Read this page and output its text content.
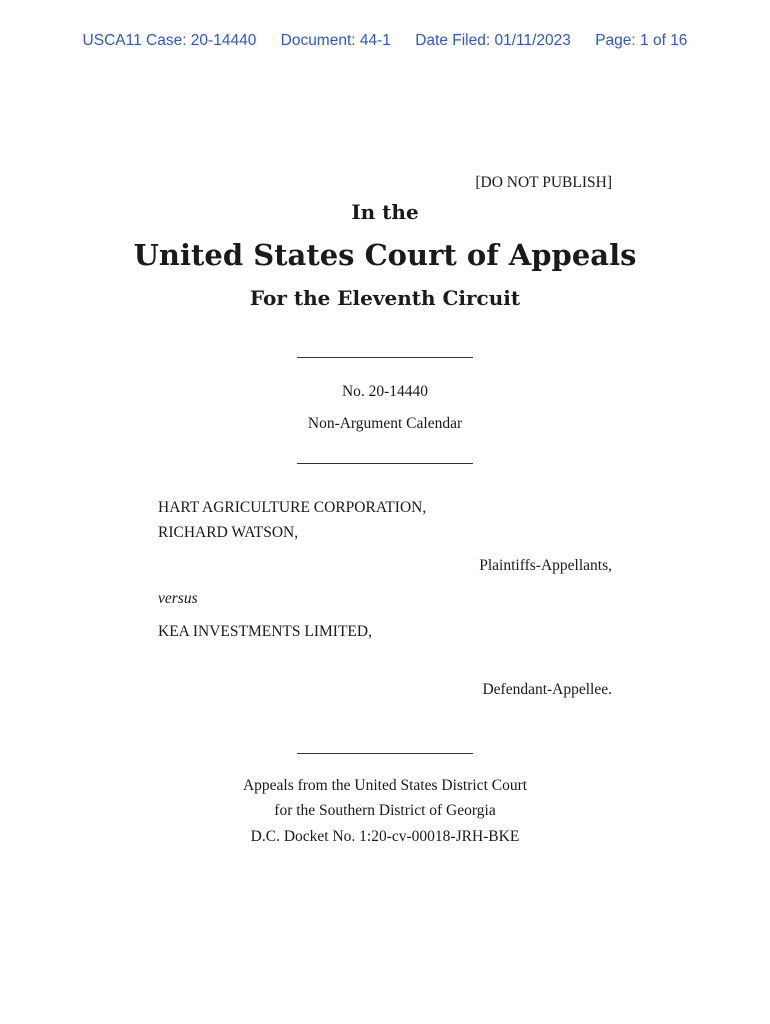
USCA11 Case: 20-14440 Document: 44-1 Date Filed: 01/11/2023 Page: 1 of 16
[DO NOT PUBLISH]
In the
United States Court of Appeals
For the Eleventh Circuit
No. 20-14440
Non-Argument Calendar
HART AGRICULTURE CORPORATION,
RICHARD WATSON,
Plaintiffs-Appellants,
versus
KEA INVESTMENTS LIMITED,
Defendant-Appellee.
Appeals from the United States District Court
for the Southern District of Georgia
D.C. Docket No. 1:20-cv-00018-JRH-BKE
